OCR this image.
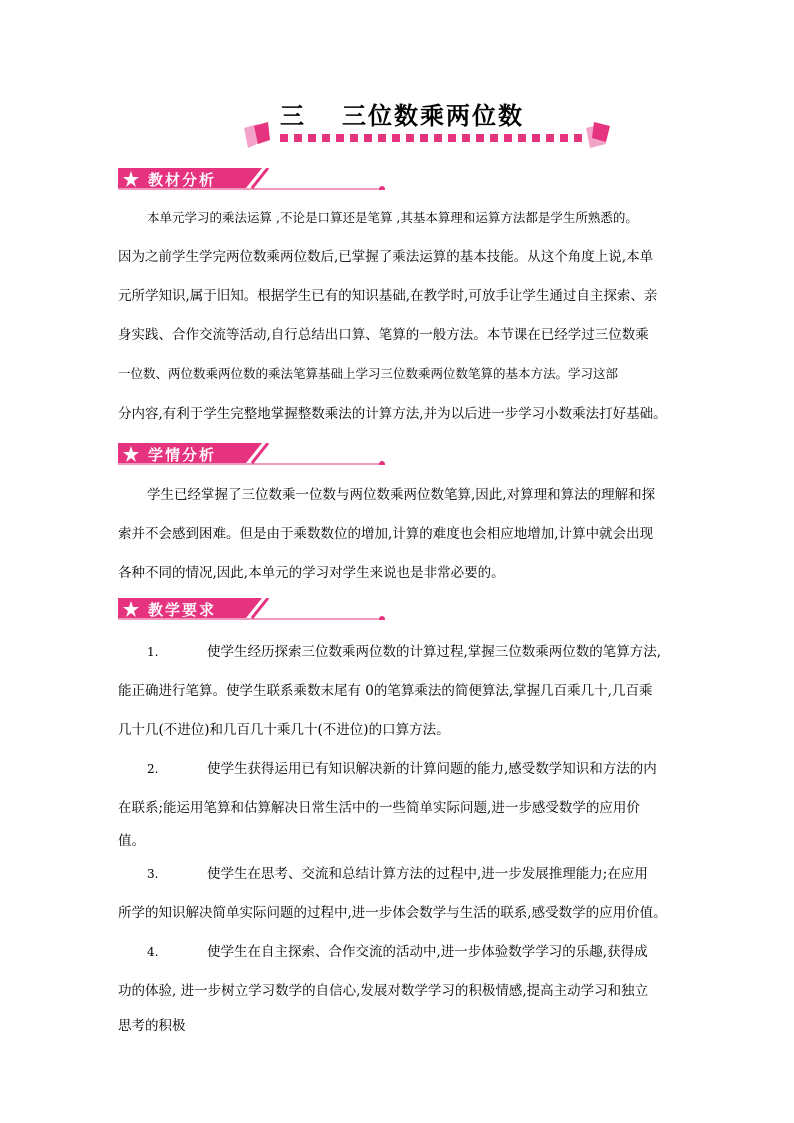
三 三位数乘两位数
教材分析
本单元学习的乘法运算 ,不论是口算还是笔算 ,其基本算理和运算方法都是学生所熟悉的。
因为之前学生学完两位数乘两位数后,已掌握了乘法运算的基本技能。从这个角度上说,本单
元所学知识,属于旧知。根据学生已有的知识基础,在教学时,可放手让学生通过自主探索、亲
身实践、合作交流等活动,自行总结出口算、笔算的一般方法。本节课在已经学过三位数乘
一位数、两位数乘两位数的乘法笔算基础上学习三位数乘两位数笔算的基本方法。学习这部
分内容,有利于学生完整地掌握整数乘法的计算方法,并为以后进一步学习小数乘法打好基础。
学情分析
学生已经掌握了三位数乘一位数与两位数乘两位数笔算,因此,对算理和算法的理解和探
索并不会感到困难。但是由于乘数数位的增加,计算的难度也会相应地增加,计算中就会出现
各种不同的情况,因此,本单元的学习对学生来说也是非常必要的。
教学要求
1.	使学生经历探索三位数乘两位数的计算过程,掌握三位数乘两位数的笔算方法,
能正确进行笔算。使学生联系乘数末尾有 0的笔算乘法的简便算法,掌握几百乘几十,几百乘
几十几(不进位)和几百几十乘几十(不进位)的口算方法。
2.	使学生获得运用已有知识解决新的计算问题的能力,感受数学知识和方法的内
在联系;能运用笔算和估算解决日常生活中的一些简单实际问题,进一步感受数学的应用价
值。
3.	使学生在思考、交流和总结计算方法的过程中,进一步发展推理能力;在应用
所学的知识解决简单实际问题的过程中,进一步体会数学与生活的联系,感受数学的应用价值。
4.	使学生在自主探索、合作交流的活动中,进一步体验数学学习的乐趣,获得成
功的体验, 进一步树立学习数学的自信心,发展对数学学习的积极情感,提高主动学习和独立
思考的积极
